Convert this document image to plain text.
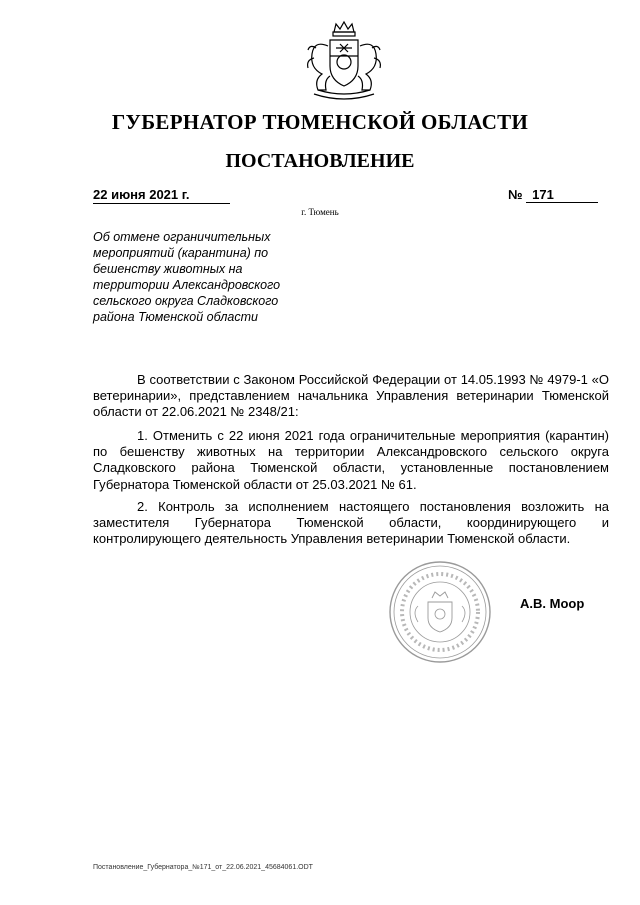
ГУБЕРНАТОР ТЮМЕНСКОЙ ОБЛАСТИ
ПОСТАНОВЛЕНИЕ
22 июня 2021 г.	№ 171
г. Тюмень
Об отмене ограничительных мероприятий (карантина) по бешенству животных на территории Александровского сельского округа Сладковского района Тюменской области
В соответствии с Законом Российской Федерации от 14.05.1993 № 4979-1 «О ветеринарии», представлением начальника Управления ветеринарии Тюменской области от 22.06.2021 № 2348/21:
1. Отменить с 22 июня 2021 года ограничительные мероприятия (карантин) по бешенству животных на территории Александровского сельского округа Сладковского района Тюменской области, установленные постановлением Губернатора Тюменской области от 25.03.2021 № 61.
2. Контроль за исполнением настоящего постановления возложить на заместителя Губернатора Тюменской области, координирующего и контролирующего деятельность Управления ветеринарии Тюменской области.
А.В. Моор
Постановление_Губернатора_№171_от_22.06.2021_45684061.ODT
